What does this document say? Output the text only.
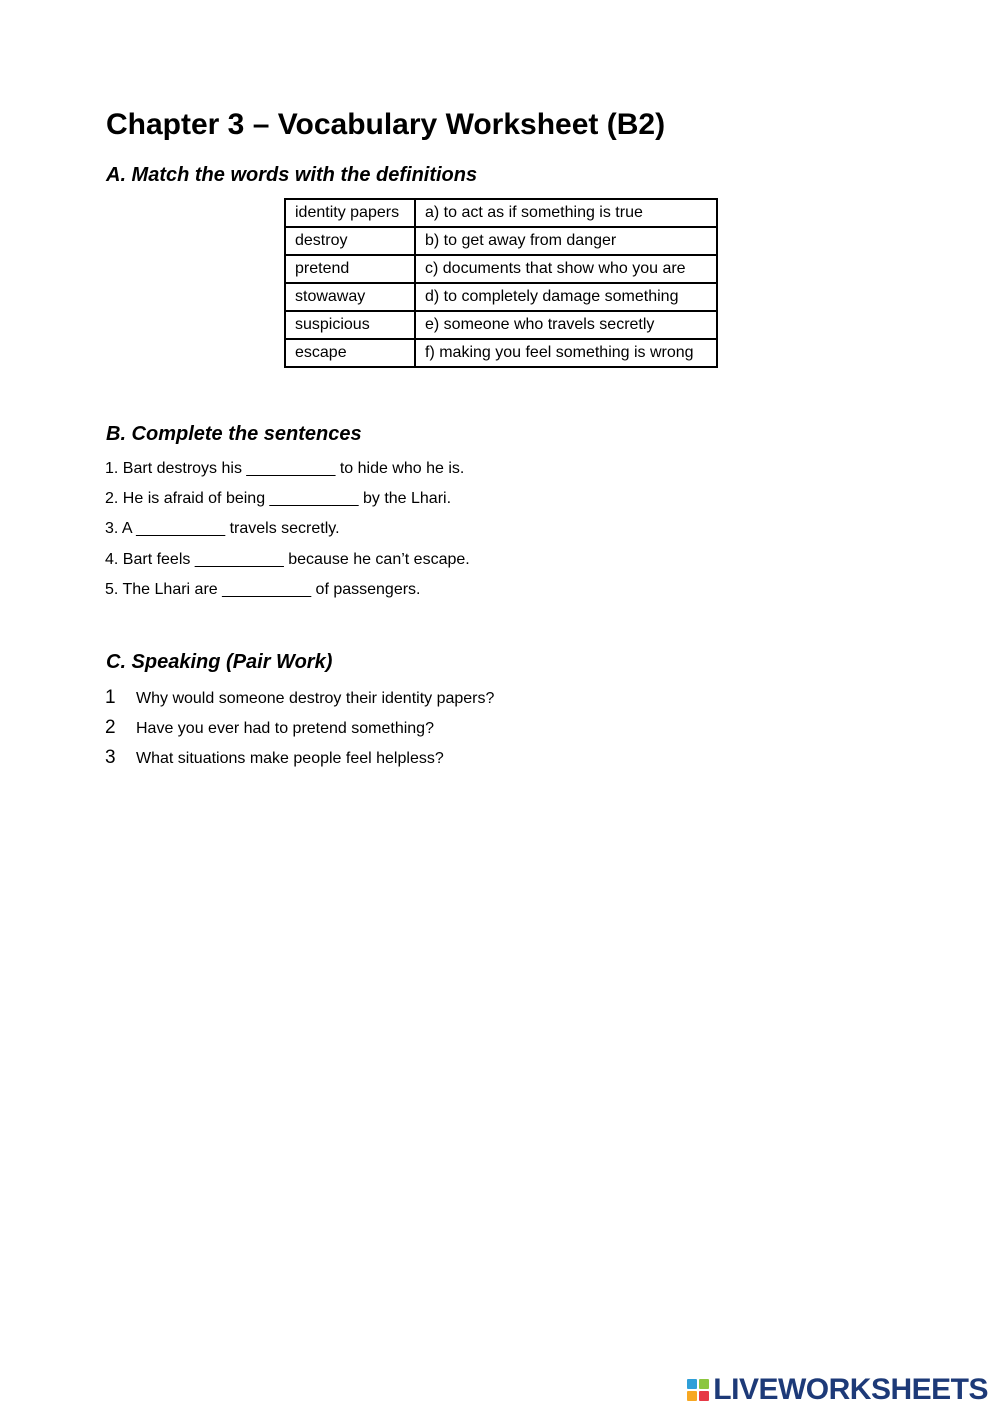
Chapter 3 – Vocabulary Worksheet (B2)
A. Match the words with the definitions
identity papers	a) to act as if something is true
destroy	b) to get away from danger
pretend	c) documents that show who you are
stowaway	d) to completely damage something
suspicious	e) someone who travels secretly
escape	f) making you feel something is wrong
B. Complete the sentences
1. Bart destroys his __________ to hide who he is.
2. He is afraid of being __________ by the Lhari.
3. A __________ travels secretly.
4. Bart feels __________ because he can’t escape.
5. The Lhari are __________ of passengers.
C. Speaking (Pair Work)
1 Why would someone destroy their identity papers?
2 Have you ever had to pretend something?
3 What situations make people feel helpless?
LIVEWORKSHEETS
